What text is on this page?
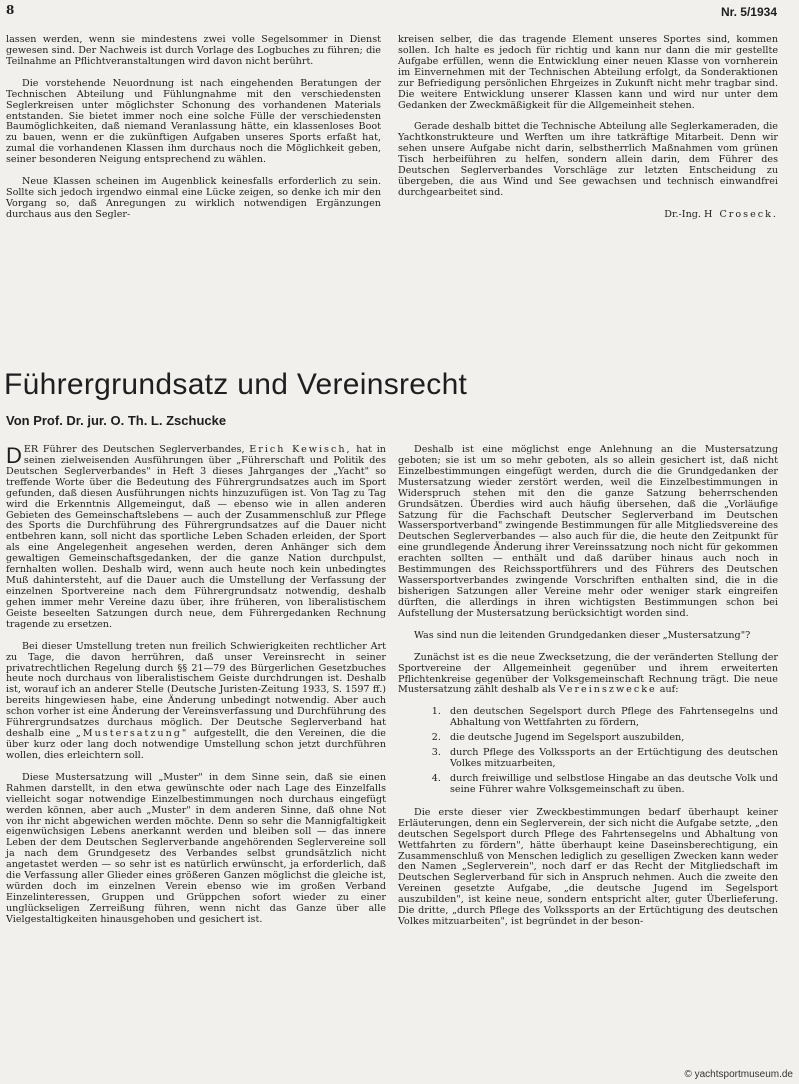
8	Nr. 5/1934

lassen werden, wenn sie mindestens zwei volle Segelsommer in Dienst gewesen sind. Der Nachweis ist durch Vorlage des Logbuches zu führen; die Teilnahme an Pflichtveranstaltungen wird davon nicht berührt.

Die vorstehende Neuordnung ist nach eingehenden Beratungen der Technischen Abteilung und Fühlungnahme mit den verschiedensten Seglerkreisen unter möglichster Schonung des vorhandenen Materials entstanden. Sie bietet immer noch eine solche Fülle der verschiedensten Baumöglichkeiten, daß niemand Veranlassung hätte, ein klassenloses Boot zu bauen, wenn er die zukünftigen Aufgaben unseres Sports erfaßt hat, zumal die vorhandenen Klassen ihm durchaus noch die Möglichkeit geben, seiner besonderen Neigung entsprechend zu wählen.

Neue Klassen scheinen im Augenblick keinesfalls erforderlich zu sein. Sollte sich jedoch irgendwo einmal eine Lücke zeigen, so denke ich mir den Vorgang so, daß Anregungen zu wirklich notwendigen Ergänzungen durchaus aus den Segler-

kreisen selber, die das tragende Element unseres Sportes sind, kommen sollen. Ich halte es jedoch für richtig und kann nur dann die mir gestellte Aufgabe erfüllen, wenn die Entwicklung einer neuen Klasse von vornherein im Einvernehmen mit der Technischen Abteilung erfolgt, da Sonderaktionen zur Befriedigung persönlichen Ehrgeizes in Zukunft nicht mehr tragbar sind. Die weitere Entwicklung unserer Klassen kann und wird nur unter dem Gedanken der Zweckmäßigkeit für die Allgemeinheit stehen.

Gerade deshalb bittet die Technische Abteilung alle Seglerkameraden, die Yachtkonstrukteure und Werften um ihre tatkräftige Mitarbeit. Denn wir sehen unsere Aufgabe nicht darin, selbstherrlich Maßnahmen vom grünen Tisch herbeiführen zu helfen, sondern allein darin, dem Führer des Deutschen Seglerverbandes Vorschläge zur letzten Entscheidung zu übergeben, die aus Wind und See gewachsen und technisch einwandfrei durchgearbeitet sind.

Dr.-Ing. H Croseck.
Führergrundsatz und Vereinsrecht
Von Prof. Dr. jur. O. Th. L. Zschucke

DER Führer des Deutschen Seglerverbandes, Erich Kewisch, hat in seinen zielweisenden Ausführungen über „Führerschaft und Politik des Deutschen Seglerverbandes" in Heft 3 dieses Jahrganges der „Yacht" so treffende Worte über die Bedeutung des Führergrundsatzes auch im Sport gefunden, daß diesen Ausführungen nichts hinzuzufügen ist. Von Tag zu Tag wird die Erkenntnis Allgemeingut, daß — ebenso wie in allen anderen Gebieten des Gemeinschaftslebens — auch der Zusammenschluß zur Pflege des Sports die Durchführung des Führergrundsatzes auf die Dauer nicht entbehren kann, soll nicht das sportliche Leben Schaden erleiden, der Sport als eine Angelegenheit angesehen werden, deren Anhänger sich dem gewaltigen Gemeinschaftsgedanken, der die ganze Nation durchpulst, fernhalten wollen. Deshalb wird, wenn auch heute noch kein unbedingtes Muß dahintersteht, auf die Dauer auch die Umstellung der Verfassung der einzelnen Sportvereine nach dem Führergrundsatz notwendig, deshalb gehen immer mehr Vereine dazu über, ihre früheren, von liberalistischem Geiste beseelten Satzungen durch neue, dem Führergedanken Rechnung tragende zu ersetzen.

Bei dieser Umstellung treten nun freilich Schwierigkeiten rechtlicher Art zu Tage, die davon herrühren, daß unser Vereinsrecht in seiner privatrechtlichen Regelung durch §§ 21—79 des Bürgerlichen Gesetzbuches heute noch durchaus von liberalistischem Geiste durchdrungen ist. Deshalb ist, worauf ich an anderer Stelle (Deutsche Juristen-Zeitung 1933, S. 1597 ff.) bereits hingewiesen habe, eine Änderung unbedingt notwendig. Aber auch schon vorher ist eine Änderung der Vereinsverfassung und Durchführung des Führergrundsatzes durchaus möglich. Der Deutsche Seglerverband hat deshalb eine „Mustersatzung" aufgestellt, die den Vereinen, die die über kurz oder lang doch notwendige Umstellung schon jetzt durchführen wollen, dies erleichtern soll.

Diese Mustersatzung will „Muster" in dem Sinne sein, daß sie einen Rahmen darstellt, in den etwa gewünschte oder nach Lage des Einzelfalls vielleicht sogar notwendige Einzelbestimmungen noch durchaus eingefügt werden können, aber auch „Muster" in dem anderen Sinne, daß ohne Not von ihr nicht abgewichen werden möchte. Denn so sehr die Mannigfaltigkeit eigenwüchsigen Lebens anerkannt werden und bleiben soll — das innere Leben der dem Deutschen Seglerverbande angehörenden Seglervereine soll ja nach dem Grundgesetz des Verbandes selbst grundsätzlich nicht angetastet werden — so sehr ist es natürlich erwünscht, ja erforderlich, daß die Verfassung aller Glieder eines größeren Ganzen möglichst die gleiche ist, würden doch im einzelnen Verein ebenso wie im großen Verband Einzelinteressen, Gruppen und Grüppchen sofort wieder zu einer unglückseligen Zerreißung führen, wenn nicht das Ganze über alle Vielgestaltigkeiten hinausgehoben und gesichert ist.

Deshalb ist eine möglichst enge Anlehnung an die Mustersatzung geboten; sie ist um so mehr geboten, als so allein gesichert ist, daß nicht Einzelbestimmungen eingefügt werden, durch die die Grundgedanken der Mustersatzung wieder zerstört werden, weil die Einzelbestimmungen in Widerspruch stehen mit den die ganze Satzung beherrschenden Grundsätzen. Überdies wird auch häufig übersehen, daß die „Vorläufige Satzung für die Fachschaft Deutscher Seglerverband im Deutschen Wassersportverband" zwingende Bestimmungen für alle Mitgliedsvereine des Deutschen Seglerverbandes — also auch für die, die heute den Zeitpunkt für eine grundlegende Änderung ihrer Vereinssatzung noch nicht für gekommen erachten sollten — enthält und daß darüber hinaus auch noch in Bestimmungen des Reichssportführers und des Führers des Deutschen Wassersportverbandes zwingende Vorschriften enthalten sind, die in die bisherigen Satzungen aller Vereine mehr oder weniger stark eingreifen dürften, die allerdings in ihren wichtigsten Bestimmungen schon bei Aufstellung der Mustersatzung berücksichtigt worden sind.

Was sind nun die leitenden Grundgedanken dieser „Mustersatzung"?

Zunächst ist es die neue Zwecksetzung, die der veränderten Stellung der Sportvereine der Allgemeinheit gegenüber und ihrem erweiterten Pflichtenkreise gegenüber der Volksgemeinschaft Rechnung trägt. Die neue Mustersatzung zählt deshalb als Vereinszwecke auf:

1. den deutschen Segelsport durch Pflege des Fahrtensegelns und Abhaltung von Wettfahrten zu fördern,
2. die deutsche Jugend im Segelsport auszubilden,
3. durch Pflege des Volkssports an der Ertüchtigung des deutschen Volkes mitzuarbeiten,
4. durch freiwillige und selbstlose Hingabe an das deutsche Volk und seine Führer wahre Volksgemeinschaft zu üben.

Die erste dieser vier Zweckbestimmungen bedarf überhaupt keiner Erläuterungen, denn ein Seglerverein, der sich nicht die Aufgabe setzte, „den deutschen Segelsport durch Pflege des Fahrtensegelns und Abhaltung von Wettfahrten zu fördern", hätte überhaupt keine Daseinsberechtigung, ein Zusammenschluß von Menschen lediglich zu geselligen Zwecken kann weder den Namen „Seglerverein", noch darf er das Recht der Mitgliedschaft im Deutschen Seglerverband für sich in Anspruch nehmen. Auch die zweite den Vereinen gesetzte Aufgabe, „die deutsche Jugend im Segelsport auszubilden", ist keine neue, sondern entspricht alter, guter Überlieferung. Die dritte, „durch Pflege des Volkssports an der Ertüchtigung des deutschen Volkes mitzuarbeiten", ist begründet in der beson-

© yachtsportmuseum.de
